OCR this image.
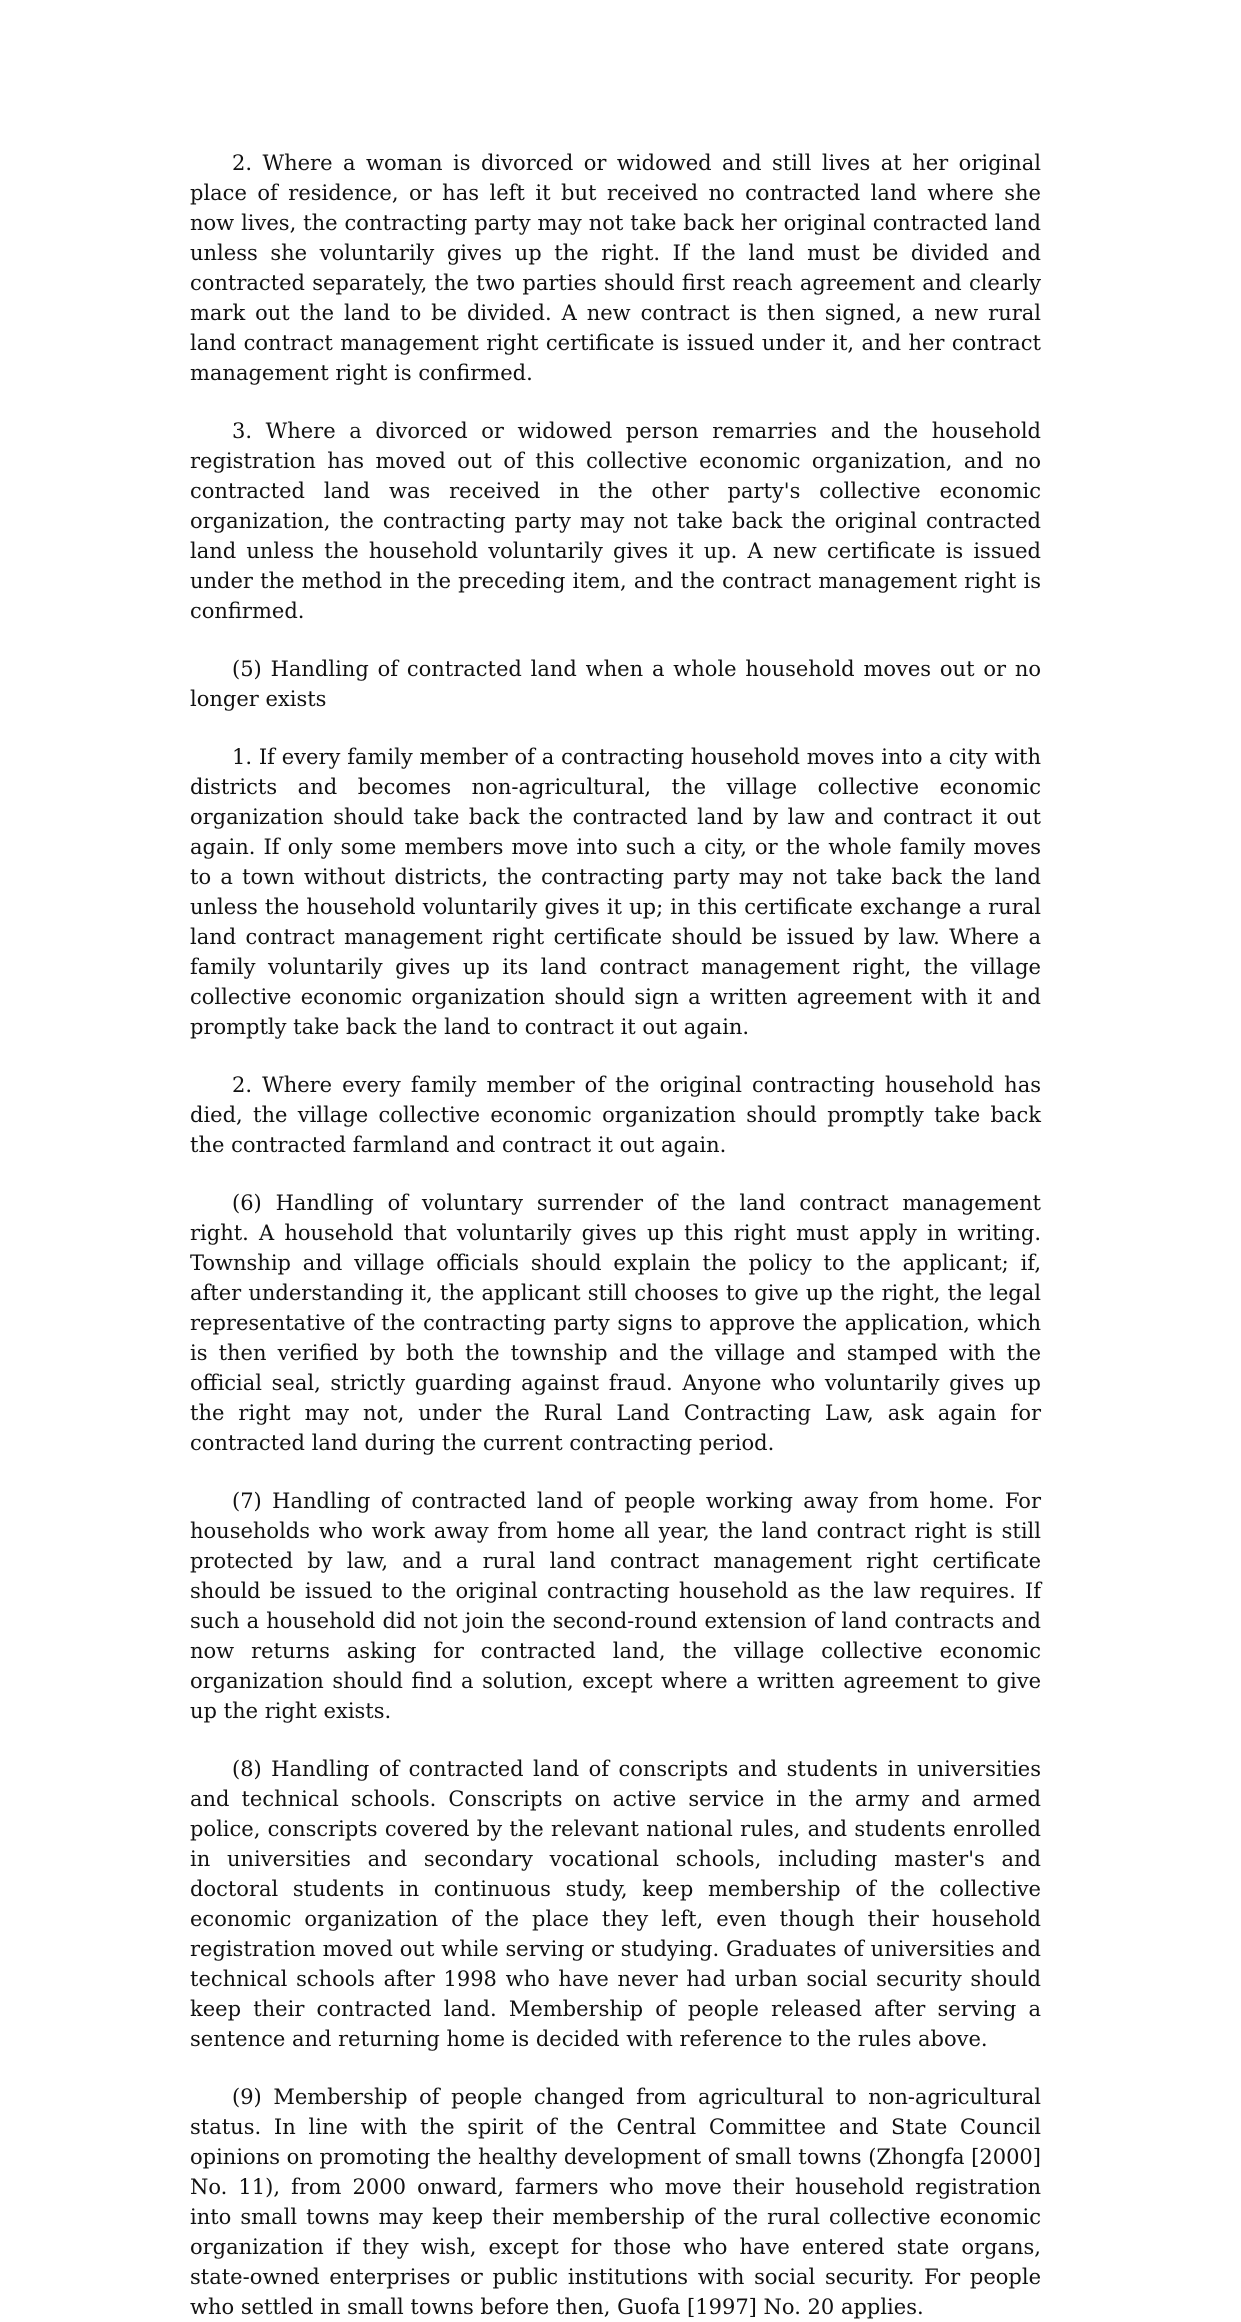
2. Where a woman is divorced or widowed and still lives at her original place of residence, or has left it but received no contracted land where she now lives, the contracting party may not take back her original contracted land unless she voluntarily gives up the right. If the land must be divided and contracted separately, the two parties should first reach agreement and clearly mark out the land to be divided. A new contract is then signed, a new rural land contract management right certificate is issued under it, and her contract management right is confirmed.

3. Where a divorced or widowed person remarries and the household registration has moved out of this collective economic organization, and no contracted land was received in the other party's collective economic organization, the contracting party may not take back the original contracted land unless the household voluntarily gives it up. A new certificate is issued under the method in the preceding item, and the contract management right is confirmed.

(5) Handling of contracted land when a whole household moves out or no longer exists

1. If every family member of a contracting household moves into a city with districts and becomes non-agricultural, the village collective economic organization should take back the contracted land by law and contract it out again. If only some members move into such a city, or the whole family moves to a town without districts, the contracting party may not take back the land unless the household voluntarily gives it up; in this certificate exchange a rural land contract management right certificate should be issued by law. Where a family voluntarily gives up its land contract management right, the village collective economic organization should sign a written agreement with it and promptly take back the land to contract it out again.

2. Where every family member of the original contracting household has died, the village collective economic organization should promptly take back the contracted farmland and contract it out again.

(6) Handling of voluntary surrender of the land contract management right. A household that voluntarily gives up this right must apply in writing. Township and village officials should explain the policy to the applicant; if, after understanding it, the applicant still chooses to give up the right, the legal representative of the contracting party signs to approve the application, which is then verified by both the township and the village and stamped with the official seal, strictly guarding against fraud. Anyone who voluntarily gives up the right may not, under the Rural Land Contracting Law, ask again for contracted land during the current contracting period.

(7) Handling of contracted land of people working away from home. For households who work away from home all year, the land contract right is still protected by law, and a rural land contract management right certificate should be issued to the original contracting household as the law requires. If such a household did not join the second-round extension of land contracts and now returns asking for contracted land, the village collective economic organization should find a solution, except where a written agreement to give up the right exists.

(8) Handling of contracted land of conscripts and students in universities and technical schools. Conscripts on active service in the army and armed police, conscripts covered by the relevant national rules, and students enrolled in universities and secondary vocational schools, including master's and doctoral students in continuous study, keep membership of the collective economic organization of the place they left, even though their household registration moved out while serving or studying. Graduates of universities and technical schools after 1998 who have never had urban social security should keep their contracted land. Membership of people released after serving a sentence and returning home is decided with reference to the rules above.

(9) Membership of people changed from agricultural to non-agricultural status. In line with the spirit of the Central Committee and State Council opinions on promoting the healthy development of small towns (Zhongfa [2000] No. 11), from 2000 onward, farmers who move their household registration into small towns may keep their membership of the rural collective economic organization if they wish, except for those who have entered state organs, state-owned enterprises or public institutions with social security. For people who settled in small towns before then, Guofa [1997] No. 20 applies.
